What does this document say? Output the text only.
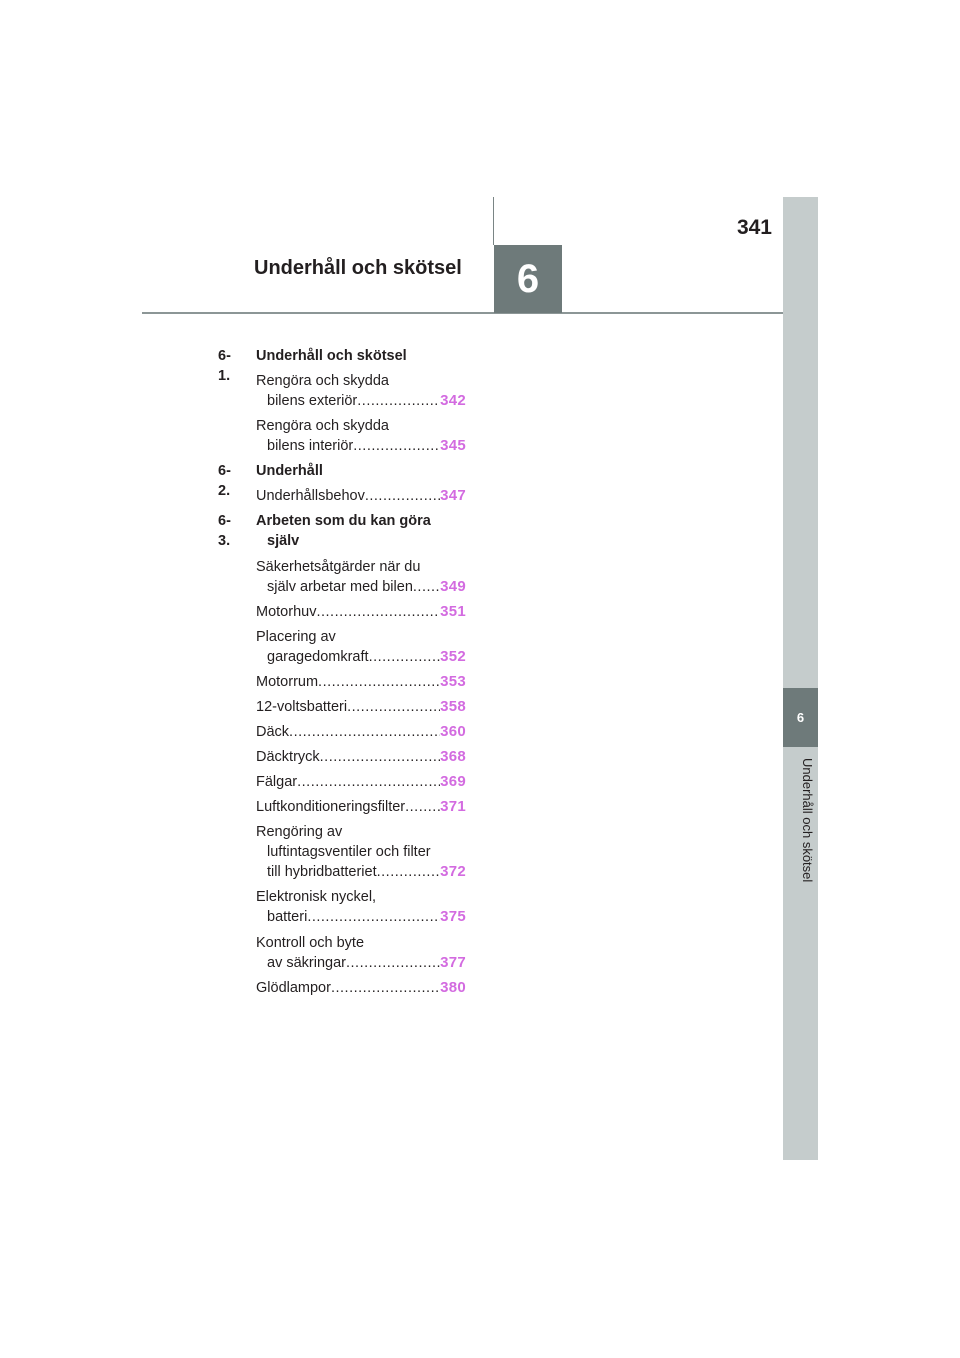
341
Underhåll och skötsel 6
6
Underhåll och skötsel
6-1.
Underhåll och skötsel
Rengöra och skydda
bilens exteriör .....	342
Rengöra och skydda
bilens interiör .....	345
6-2.
Underhåll
Underhållsbehov .....	347
6-3.
Arbeten som du kan göra
själv
Säkerhetsåtgärder när du
själv arbetar med bilen ..... 349
Motorhuv .....	351
Placering av
garagedomkraft .....	352
Motorrum .....	353
12-voltsbatteri .....	358
Däck .....	360
Däcktryck .....	368
Fälgar .....	369
Luftkonditioneringsfilter ..... 371
Rengöring av
luftintagsventiler och filter
till hybridbatteriet .....	372
Elektronisk nyckel,
batteri .....	375
Kontroll och byte
av säkringar .....	377
Glödlampor .....	380
